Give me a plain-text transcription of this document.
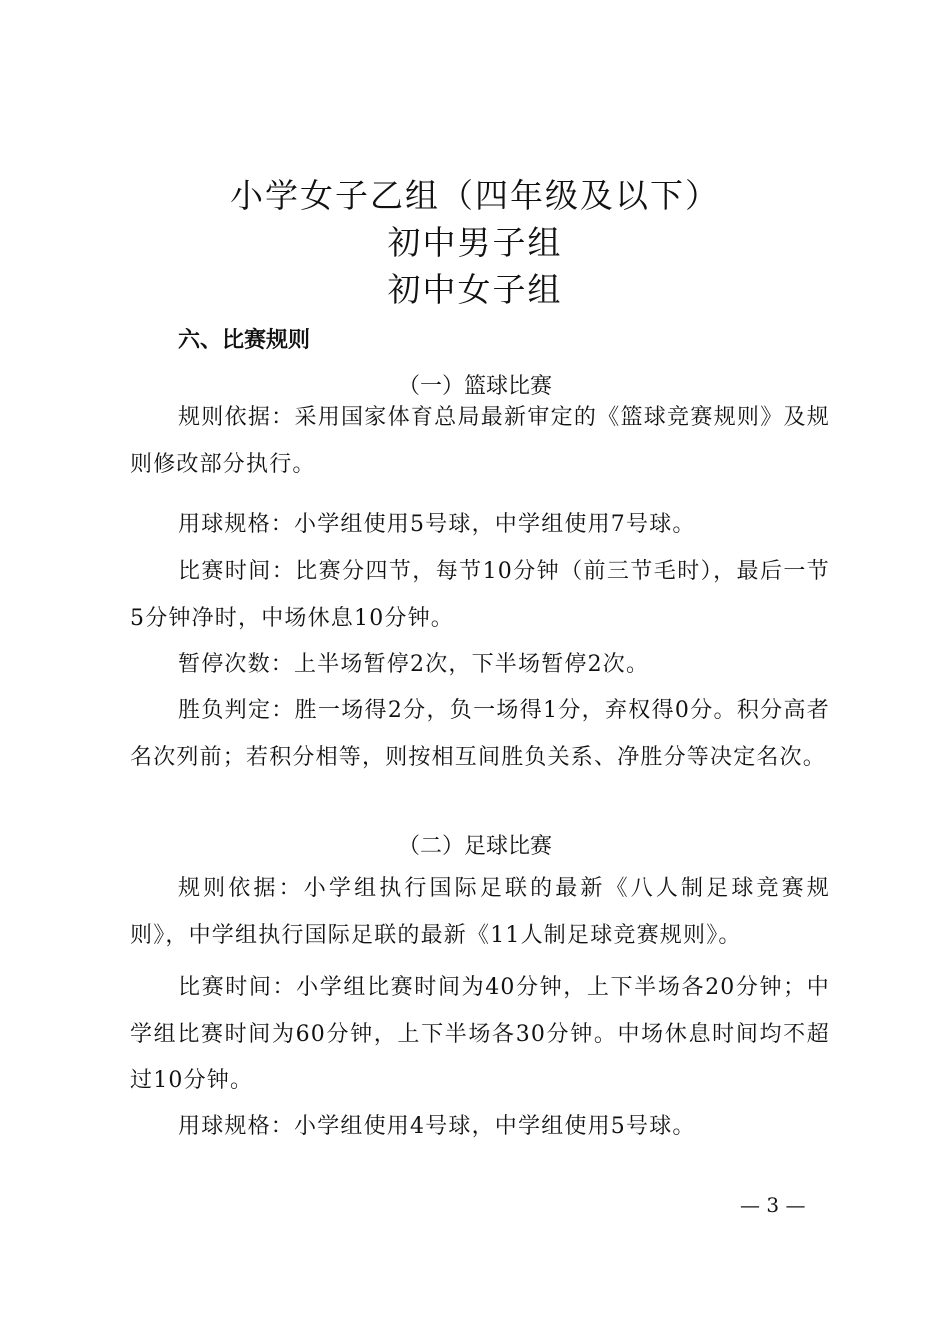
小学女子乙组（四年级及以下）
初中男子组
初中女子组
六、比赛规则
（一）篮球比赛

规则依据：采用国家体育总局最新审定的《篮球竞赛规则》及规则修改部分执行。

用球规格：小学组使用5号球，中学组使用7号球。

比赛时间：比赛分四节，每节10分钟（前三节毛时），最后一节5分钟净时，中场休息10分钟。

暂停次数：上半场暂停2次，下半场暂停2次。

胜负判定：胜一场得2分，负一场得1分，弃权得0分。积分高者名次列前；若积分相等，则按相互间胜负关系、净胜分等决定名次。

（二）足球比赛

规则依据：小学组执行国际足联的最新《八人制足球竞赛规则》，中学组执行国际足联的最新《11人制足球竞赛规则》。

比赛时间：小学组比赛时间为40分钟，上下半场各20分钟；中学组比赛时间为60分钟，上下半场各30分钟。中场休息时间均不超过10分钟。

用球规格：小学组使用4号球，中学组使用5号球。

— 3 —
